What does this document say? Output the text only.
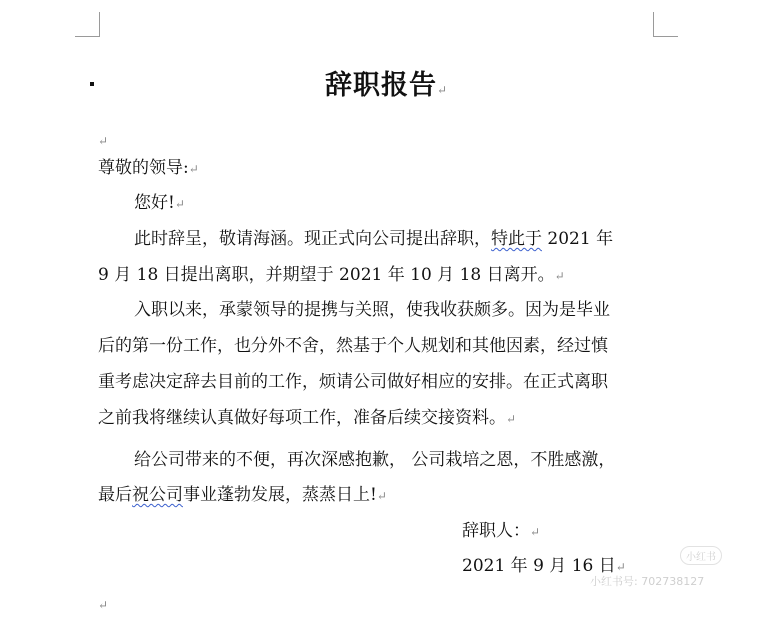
辞职报告↵
↵
尊敬的领导:↵
您好!↵
此时辞呈，敬请海涵。现正式向公司提出辞职，特此于 2021 年
9 月 18 日提出离职，并期望于 2021 年 10 月 18 日离开。↵
入职以来，承蒙领导的提携与关照，使我收获颇多。因为是毕业
后的第一份工作，也分外不舍，然基于个人规划和其他因素，经过慎
重考虑决定辞去目前的工作，烦请公司做好相应的安排。在正式离职
之前我将继续认真做好每项工作，准备后续交接资料。↵
给公司带来的不便，再次深感抱歉， 公司栽培之恩，不胜感激，
最后祝公司事业蓬勃发展，蒸蒸日上!↵
辞职人：↵
2021 年 9 月 16 日↵
↵
小红书
小红书号: 702738127
